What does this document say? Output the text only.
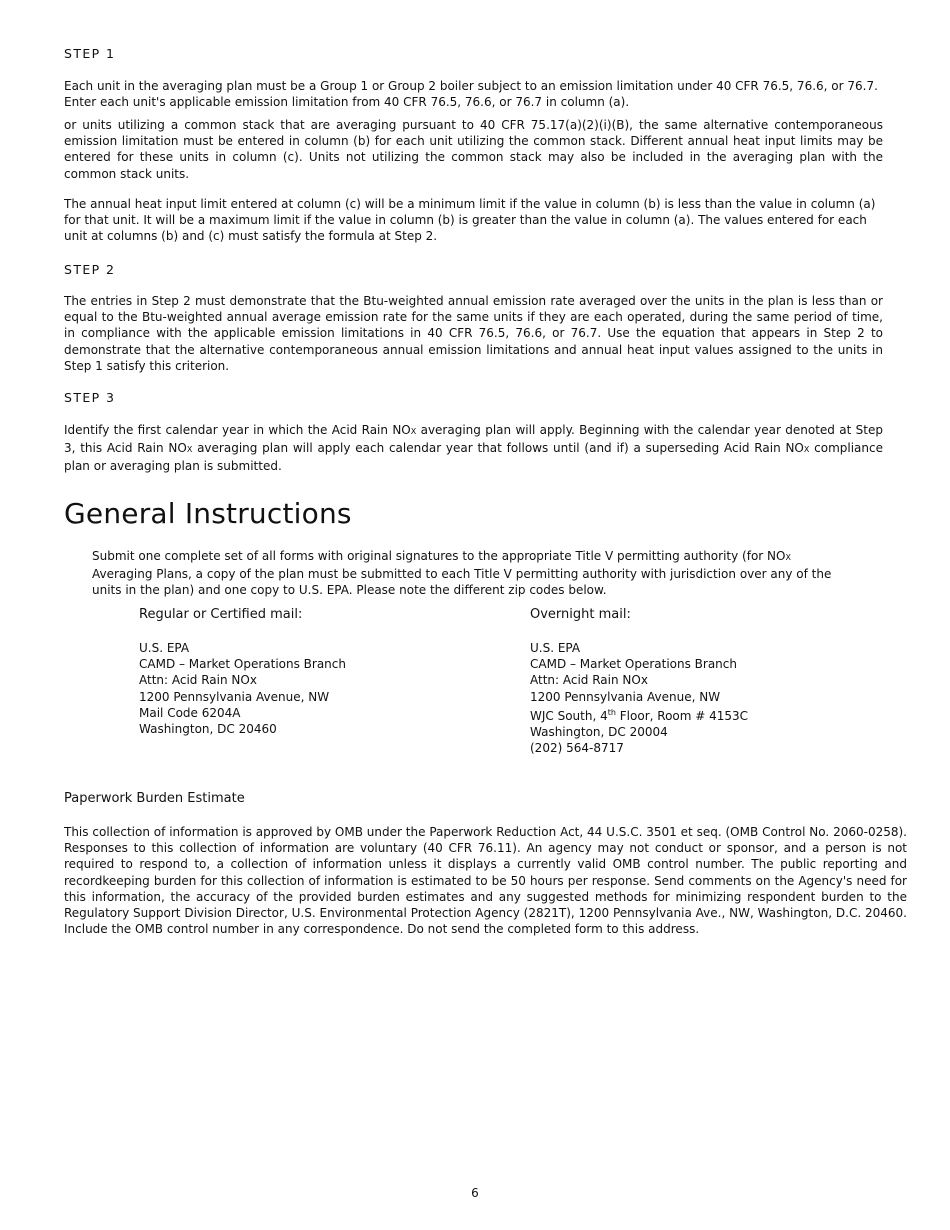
STEP 1

Each unit in the averaging plan must be a Group 1 or Group 2 boiler subject to an emission limitation under 40 CFR 76.5, 76.6, or 76.7. Enter each unit's applicable emission limitation from 40 CFR 76.5, 76.6, or 76.7 in column (a).

or units utilizing a common stack that are averaging pursuant to 40 CFR 75.17(a)(2)(i)(B), the same alternative contemporaneous emission limitation must be entered in column (b) for each unit utilizing the common stack. Different annual heat input limits may be entered for these units in column (c). Units not utilizing the common stack may also be included in the averaging plan with the common stack units.

The annual heat input limit entered at column (c) will be a minimum limit if the value in column (b) is less than the value in column (a) for that unit. It will be a maximum limit if the value in column (b) is greater than the value in column (a). The values entered for each unit at columns (b) and (c) must satisfy the formula at Step 2.

STEP 2

The entries in Step 2 must demonstrate that the Btu-weighted annual emission rate averaged over the units in the plan is less than or equal to the Btu-weighted annual average emission rate for the same units if they are each operated, during the same period of time, in compliance with the applicable emission limitations in 40 CFR 76.5, 76.6, or 76.7. Use the equation that appears in Step 2 to demonstrate that the alternative contemporaneous annual emission limitations and annual heat input values assigned to the units in Step 1 satisfy this criterion.

STEP 3

Identify the first calendar year in which the Acid Rain NOX averaging plan will apply. Beginning with the calendar year denoted at Step 3, this Acid Rain NOX averaging plan will apply each calendar year that follows until (and if) a superseding Acid Rain NOX compliance plan or averaging plan is submitted.

General Instructions

Submit one complete set of all forms with original signatures to the appropriate Title V permitting authority (for NOX Averaging Plans, a copy of the plan must be submitted to each Title V permitting authority with jurisdiction over any of the units in the plan) and one copy to U.S. EPA. Please note the different zip codes below.

Regular or Certified mail:

U.S. EPA
CAMD – Market Operations Branch
Attn: Acid Rain NOx
1200 Pennsylvania Avenue, NW
Mail Code 6204A
Washington, DC 20460

Overnight mail:

U.S. EPA
CAMD – Market Operations Branch
Attn: Acid Rain NOx
1200 Pennsylvania Avenue, NW
WJC South, 4th Floor, Room # 4153C
Washington, DC 20004
(202) 564-8717

Paperwork Burden Estimate

This collection of information is approved by OMB under the Paperwork Reduction Act, 44 U.S.C. 3501 et seq. (OMB Control No. 2060-0258). Responses to this collection of information are voluntary (40 CFR 76.11). An agency may not conduct or sponsor, and a person is not required to respond to, a collection of information unless it displays a currently valid OMB control number. The public reporting and recordkeeping burden for this collection of information is estimated to be 50 hours per response. Send comments on the Agency's need for this information, the accuracy of the provided burden estimates and any suggested methods for minimizing respondent burden to the Regulatory Support Division Director, U.S. Environmental Protection Agency (2821T), 1200 Pennsylvania Ave., NW, Washington, D.C. 20460. Include the OMB control number in any correspondence. Do not send the completed form to this address.

6
